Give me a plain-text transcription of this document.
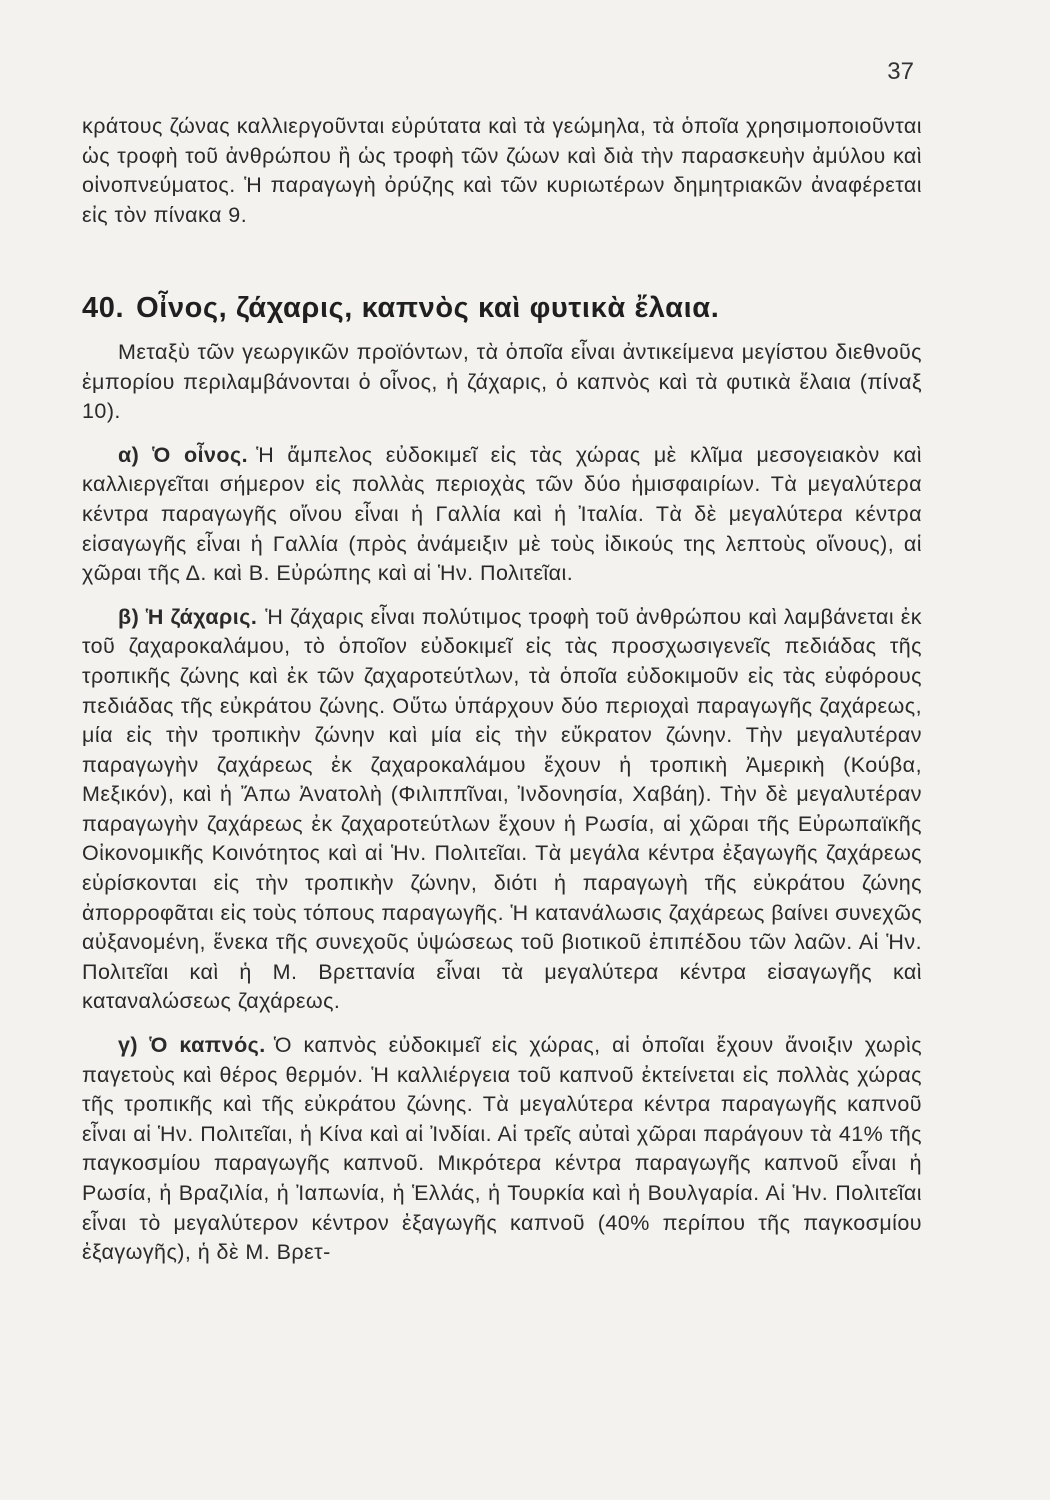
37

κράτους ζώνας καλλιεργοῦνται εὐρύτατα καὶ τὰ γεώμηλα, τὰ ὁποῖα χρησιμοποιοῦνται ὡς τροφὴ τοῦ ἀνθρώπου ἢ ὡς τροφὴ τῶν ζώων καὶ διὰ τὴν παρασκευὴν ἀμύλου καὶ οἰνοπνεύματος. Ἡ παραγωγὴ ὀρύζης καὶ τῶν κυριωτέρων δημητριακῶν ἀναφέρεται εἰς τὸν πίνακα 9.

40. Οἶνος, ζάχαρις, καπνὸς καὶ φυτικὰ ἔλαια.

Μεταξὺ τῶν γεωργικῶν προϊόντων, τὰ ὁποῖα εἶναι ἀντικείμενα μεγίστου διεθνοῦς ἐμπορίου περιλαμβάνονται ὁ οἶνος, ἡ ζάχαρις, ὁ καπνὸς καὶ τὰ φυτικὰ ἔλαια (πίναξ 10).

α) Ὁ οἶνος. Ἡ ἄμπελος εὐδοκιμεῖ εἰς τὰς χώρας μὲ κλῖμα μεσογειακὸν καὶ καλλιεργεῖται σήμερον εἰς πολλὰς περιοχὰς τῶν δύο ἡμισφαιρίων. Τὰ μεγαλύτερα κέντρα παραγωγῆς οἴνου εἶναι ἡ Γαλλία καὶ ἡ Ἰταλία. Τὰ δὲ μεγαλύτερα κέντρα εἰσαγωγῆς εἶναι ἡ Γαλλία (πρὸς ἀνάμειξιν μὲ τοὺς ἰδικούς της λεπτοὺς οἴνους), αἱ χῶραι τῆς Δ. καὶ Β. Εὐρώπης καὶ αἱ Ἡν. Πολιτεῖαι.

β) Ἡ ζάχαρις. Ἡ ζάχαρις εἶναι πολύτιμος τροφὴ τοῦ ἀνθρώπου καὶ λαμβάνεται ἐκ τοῦ ζαχαροκαλάμου, τὸ ὁποῖον εὐδοκιμεῖ εἰς τὰς προσχωσιγενεῖς πεδιάδας τῆς τροπικῆς ζώνης καὶ ἐκ τῶν ζαχαροτεύτλων, τὰ ὁποῖα εὐδοκιμοῦν εἰς τὰς εὐφόρους πεδιάδας τῆς εὐκράτου ζώνης. Οὕτω ὑπάρχουν δύο περιοχαὶ παραγωγῆς ζαχάρεως, μία εἰς τὴν τροπικὴν ζώνην καὶ μία εἰς τὴν εὔκρατον ζώνην. Τὴν μεγαλυτέραν παραγωγὴν ζαχάρεως ἐκ ζαχαροκαλάμου ἔχουν ἡ τροπικὴ Ἀμερικὴ (Κούβα, Μεξικόν), καὶ ἡ Ἄπω Ἀνατολὴ (Φιλιππῖναι, Ἰνδονησία, Χαβάη). Τὴν δὲ μεγαλυτέραν παραγωγὴν ζαχάρεως ἐκ ζαχαροτεύτλων ἔχουν ἡ Ρωσία, αἱ χῶραι τῆς Εὐρωπαϊκῆς Οἰκονομικῆς Κοινότητος καὶ αἱ Ἡν. Πολιτεῖαι. Τὰ μεγάλα κέντρα ἐξαγωγῆς ζαχάρεως εὑρίσκονται εἰς τὴν τροπικὴν ζώνην, διότι ἡ παραγωγὴ τῆς εὐκράτου ζώνης ἀπορροφᾶται εἰς τοὺς τόπους παραγωγῆς. Ἡ κατανάλωσις ζαχάρεως βαίνει συνεχῶς αὐξανομένη, ἕνεκα τῆς συνεχοῦς ὑψώσεως τοῦ βιοτικοῦ ἐπιπέδου τῶν λαῶν. Αἱ Ἡν. Πολιτεῖαι καὶ ἡ Μ. Βρεττανία εἶναι τὰ μεγαλύτερα κέντρα εἰσαγωγῆς καὶ καταναλώσεως ζαχάρεως.

γ) Ὁ καπνός. Ὁ καπνὸς εὐδοκιμεῖ εἰς χώρας, αἱ ὁποῖαι ἔχουν ἄνοιξιν χωρὶς παγετοὺς καὶ θέρος θερμόν. Ἡ καλλιέργεια τοῦ καπνοῦ ἐκτείνεται εἰς πολλὰς χώρας τῆς τροπικῆς καὶ τῆς εὐκράτου ζώνης. Τὰ μεγαλύτερα κέντρα παραγωγῆς καπνοῦ εἶναι αἱ Ἡν. Πολιτεῖαι, ἡ Κίνα καὶ αἱ Ἰνδίαι. Αἱ τρεῖς αὐταὶ χῶραι παράγουν τὰ 41% τῆς παγκοσμίου παραγωγῆς καπνοῦ. Μικρότερα κέντρα παραγωγῆς καπνοῦ εἶναι ἡ Ρωσία, ἡ Βραζιλία, ἡ Ἰαπωνία, ἡ Ἑλλάς, ἡ Τουρκία καὶ ἡ Βουλγαρία. Αἱ Ἡν. Πολιτεῖαι εἶναι τὸ μεγαλύτερον κέντρον ἐξαγωγῆς καπνοῦ (40% περίπου τῆς παγκοσμίου ἐξαγωγῆς), ἡ δὲ Μ. Βρετ-
